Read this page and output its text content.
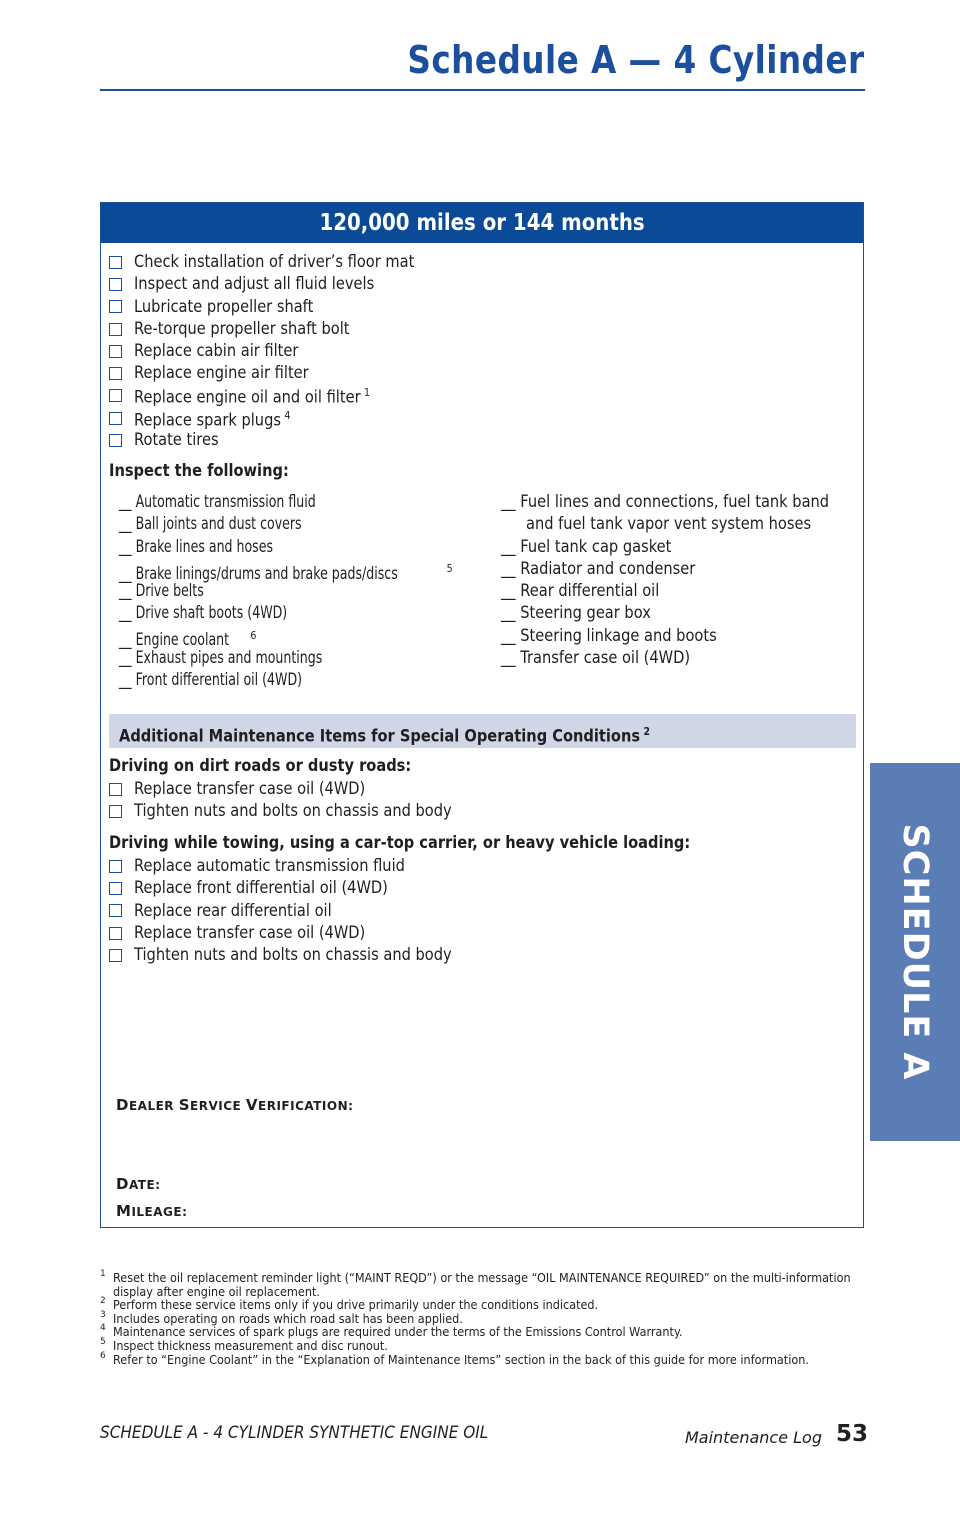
Schedule A — 4 Cylinder
SCHEDULE A
120,000 miles or 144 months
Check installation of driver’s floor mat
Inspect and adjust all fluid levels
Lubricate propeller shaft
Re-torque propeller shaft bolt
Replace cabin air filter
Replace engine air filter
Replace engine oil and oil filter $^1$
Replace spark plugs $^4$
Rotate tires
Inspect the following:
__ Automatic transmission fluid
__ Ball joints and dust covers
__ Brake lines and hoses
__ Brake linings/drums and brake pads/discs	$^5$
__ Drive belts
__ Drive shaft boots (4WD)
__ Engine coolant $^6$
__ Exhaust pipes and mountings
__ Front differential oil (4WD)
__ Fuel lines and connections, fuel tank band
and fuel tank vapor vent system hoses
__ Fuel tank cap gasket
__ Radiator and condenser
__ Rear differential oil
__ Steering gear box
__ Steering linkage and boots
__ Transfer case oil (4WD)
Additional Maintenance Items for Special Operating Conditions $^2$
Driving on dirt roads or dusty roads:
Replace transfer case oil (4WD)
Tighten nuts and bolts on chassis and body
Driving while towing, using a car-top carrier, or heavy vehicle loading:
Replace automatic transmission fluid
Replace front differential oil (4WD)
Replace rear differential oil
Replace transfer case oil (4WD)
Tighten nuts and bolts on chassis and body
DEALER SERVICE VERIFICATION:
DATE:
MILEAGE:
1 Reset the oil replacement reminder light (“MAINT REQD”) or the message “OIL MAINTENANCE REQUIRED” on the multi-information display after engine oil replacement.
2 Perform these service items only if you drive primarily under the conditions indicated.
3 Includes operating on roads which road salt has been applied.
4 Maintenance services of spark plugs are required under the terms of the Emissions Control Warranty.
5 Inspect thickness measurement and disc runout.
6 Refer to “Engine Coolant” in the “Explanation of Maintenance Items” section in the back of this guide for more information.
SCHEDULE A - 4 CYLINDER SYNTHETIC ENGINE OIL	Maintenance Log 53
